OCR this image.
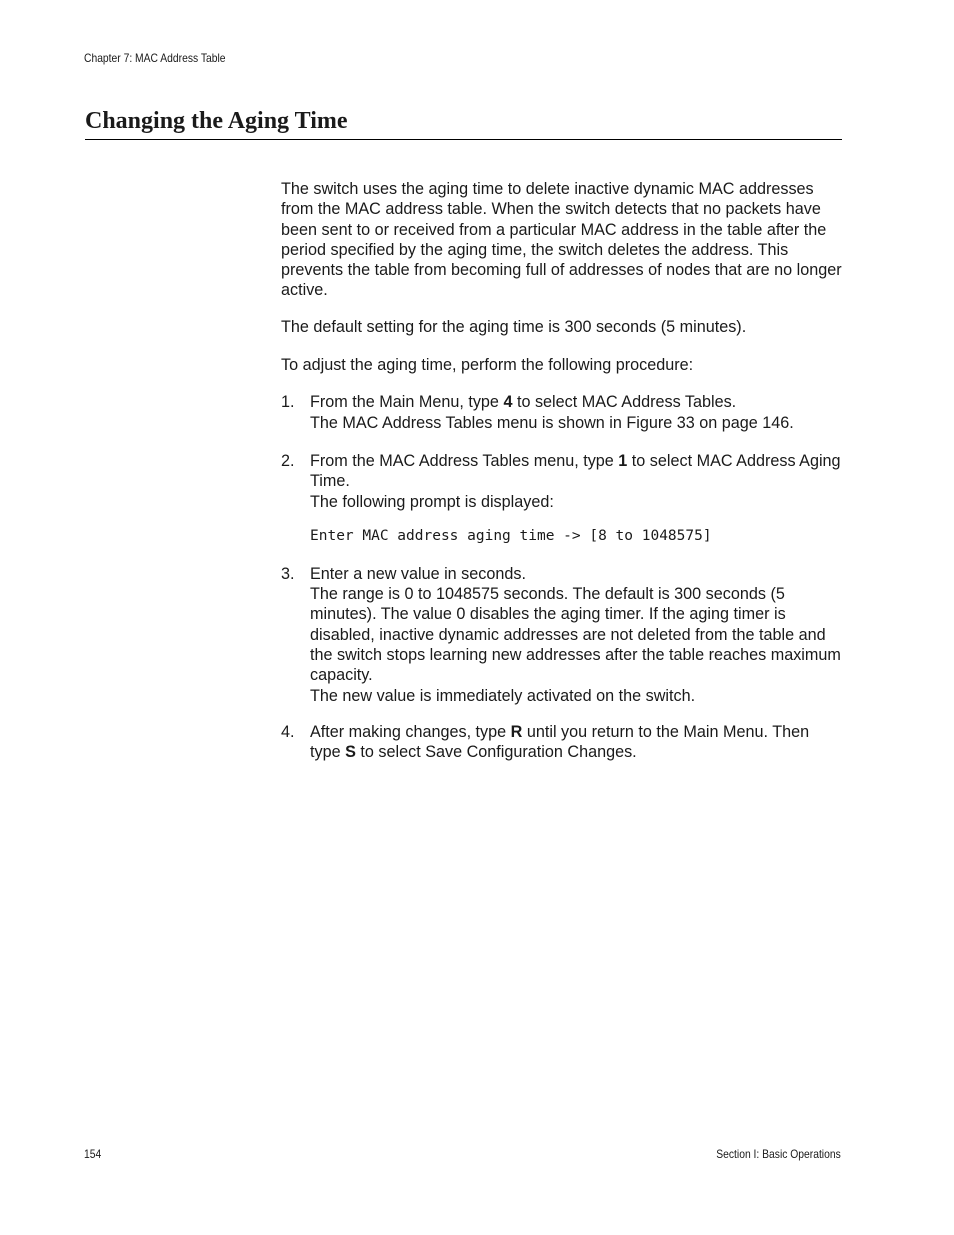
Chapter 7: MAC Address Table
Changing the Aging Time

The switch uses the aging time to delete inactive dynamic MAC addresses from the MAC address table. When the switch detects that no packets have been sent to or received from a particular MAC address in the table after the period specified by the aging time, the switch deletes the address. This prevents the table from becoming full of addresses of nodes that are no longer active.

The default setting for the aging time is 300 seconds (5 minutes).

To adjust the aging time, perform the following procedure:

1. From the Main Menu, type 4 to select MAC Address Tables.

The MAC Address Tables menu is shown in Figure 33 on page 146.

2. From the MAC Address Tables menu, type 1 to select MAC Address Aging Time.

The following prompt is displayed:

Enter MAC address aging time -> [8 to 1048575]
3. Enter a new value in seconds.

The range is 0 to 1048575 seconds. The default is 300 seconds (5 minutes). The value 0 disables the aging timer. If the aging timer is disabled, inactive dynamic addresses are not deleted from the table and the switch stops learning new addresses after the table reaches maximum capacity.

The new value is immediately activated on the switch.

4. After making changes, type R until you return to the Main Menu. Then type S to select Save Configuration Changes.

154	Section I: Basic Operations
